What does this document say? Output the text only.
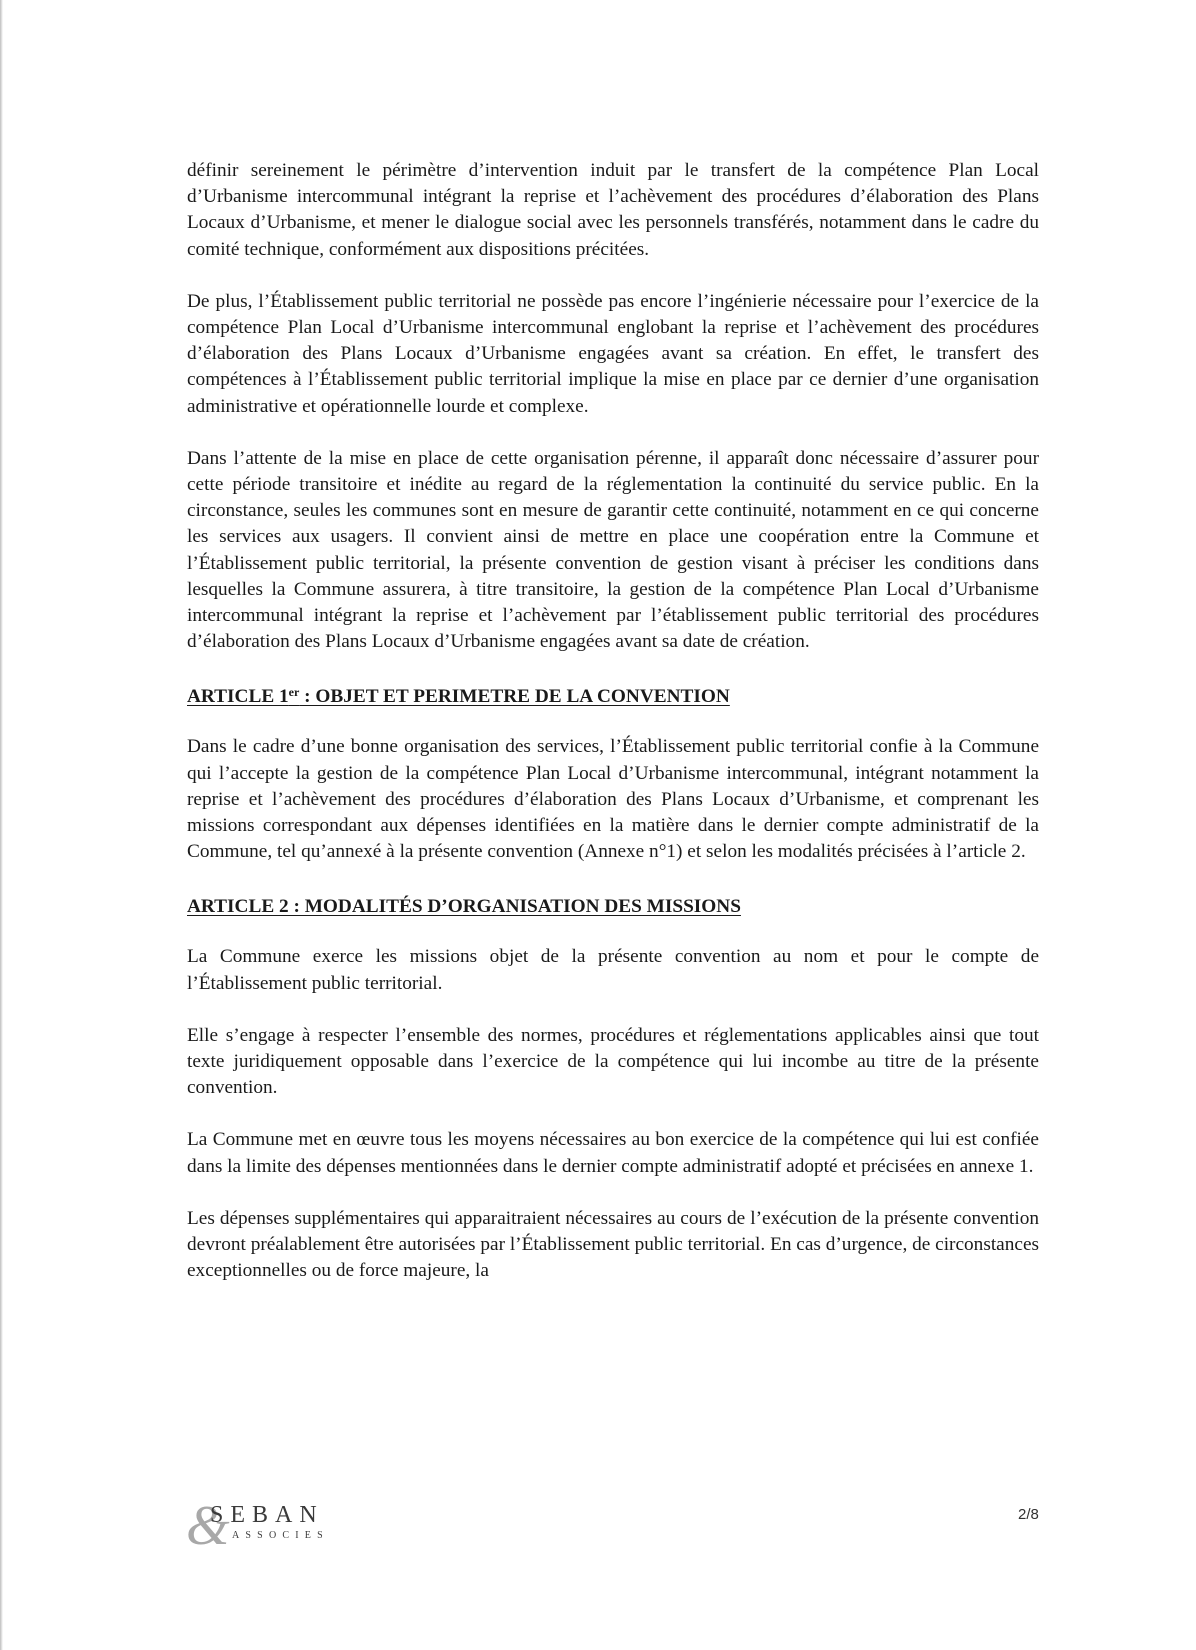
définir sereinement le périmètre d’intervention induit par le transfert de la compétence Plan Local d’Urbanisme intercommunal intégrant la reprise et l’achèvement des procédures d’élaboration des Plans Locaux d’Urbanisme, et mener le dialogue social avec les personnels transférés, notamment dans le cadre du comité technique, conformément aux dispositions précitées.

De plus, l’Établissement public territorial ne possède pas encore l’ingénierie nécessaire pour l’exercice de la compétence Plan Local d’Urbanisme intercommunal englobant la reprise et l’achèvement des procédures d’élaboration des Plans Locaux d’Urbanisme engagées avant sa création. En effet, le transfert des compétences à l’Établissement public territorial implique la mise en place par ce dernier d’une organisation administrative et opérationnelle lourde et complexe.

Dans l’attente de la mise en place de cette organisation pérenne, il apparaît donc nécessaire d’assurer pour cette période transitoire et inédite au regard de la réglementation la continuité du service public. En la circonstance, seules les communes sont en mesure de garantir cette continuité, notamment en ce qui concerne les services aux usagers. Il convient ainsi de mettre en place une coopération entre la Commune et l’Établissement public territorial, la présente convention de gestion visant à préciser les conditions dans lesquelles la Commune assurera, à titre transitoire, la gestion de la compétence Plan Local d’Urbanisme intercommunal intégrant la reprise et l’achèvement par l’établissement public territorial des procédures d’élaboration des Plans Locaux d’Urbanisme engagées avant sa date de création.

ARTICLE 1er : OBJET ET PERIMETRE DE LA CONVENTION

Dans le cadre d’une bonne organisation des services, l’Établissement public territorial confie à la Commune qui l’accepte la gestion de la compétence Plan Local d’Urbanisme intercommunal, intégrant notamment la reprise et l’achèvement des procédures d’élaboration des Plans Locaux d’Urbanisme, et comprenant les missions correspondant aux dépenses identifiées en la matière dans le dernier compte administratif de la Commune, tel qu’annexé à la présente convention (Annexe n°1) et selon les modalités précisées à l’article 2.

ARTICLE 2 : MODALITÉS D’ORGANISATION DES MISSIONS

La Commune exerce les missions objet de la présente convention au nom et pour le compte de l’Établissement public territorial.

Elle s’engage à respecter l’ensemble des normes, procédures et réglementations applicables ainsi que tout texte juridiquement opposable dans l’exercice de la compétence qui lui incombe au titre de la présente convention.

La Commune met en œuvre tous les moyens nécessaires au bon exercice de la compétence qui lui est confiée dans la limite des dépenses mentionnées dans le dernier compte administratif adopté et précisées en annexe 1.

Les dépenses supplémentaires qui apparaitraient nécessaires au cours de l’exécution de la présente convention devront préalablement être autorisées par l’Établissement public territorial. En cas d’urgence, de circonstances exceptionnelles ou de force majeure, la

&
SEBAN
ASSOCIES
2/8
